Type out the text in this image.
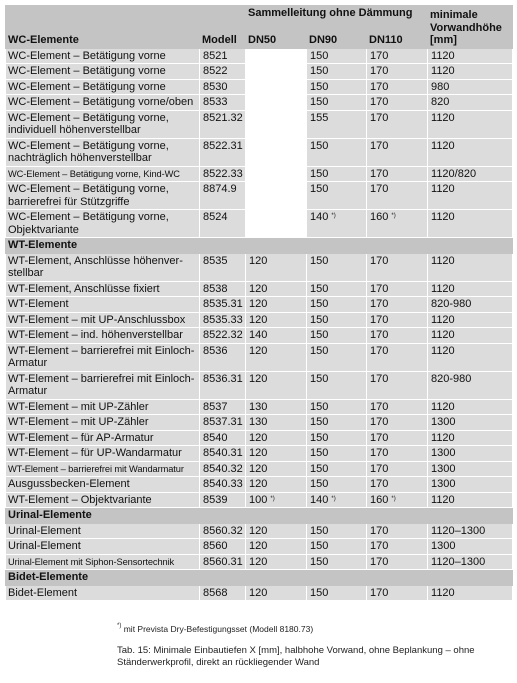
		Sammelleitung ohne Dämmung			minimale
Vorwandhöhe
[mm]

WC-Elemente	Modell	DN50	DN90	DN110	
WC-Element – Betätigung vorne	8521		150	170	1120
WC-Element – Betätigung vorne	8522		150	170	1120
WC-Element – Betätigung vorne	8530		150	170	980
WC-Element – Betätigung vorne/oben	8533		150	170	820
WC-Element – Betätigung vorne, individuell höhenverstellbar	8521.32		155	170	1120
WC-Element – Betätigung vorne, nachträglich höhenverstellbar	8522.31		150	170	1120
WC-Element – Betätigung vorne, Kind-WC	8522.33		150	170	1120/820
WC-Element – Betätigung vorne, barrierefrei für Stützgriffe	8874.9		150	170	1120
WC-Element – Betätigung vorne, Objektvariante	8524		140 *)	160 *)	1120
WT-Elemente					
WT-Element, Anschlüsse höhenver-stellbar	8535	120	150	170	1120
WT-Element, Anschlüsse fixiert	8538	120	150	170	1120
WT-Element	8535.31	120	150	170	820-980
WT-Element – mit UP-Anschlussbox	8535.33	120	150	170	1120
WT-Element – ind. höhenverstellbar	8522.32	140	150	170	1120
WT-Element – barrierefrei mit Einloch-Armatur	8536	120	150	170	1120
WT-Element – barrierefrei mit Einloch-Armatur	8536.31	120	150	170	820-980
WT-Element – mit UP-Zähler	8537	130	150	170	1120
WT-Element – mit UP-Zähler	8537.31	130	150	170	1300
WT-Element – für AP-Armatur	8540	120	150	170	1120
WT-Element – für UP-Wandarmatur	8540.31	120	150	170	1300
WT-Element – barrierefrei mit Wandarmatur	8540.32	120	150	170	1300
Ausgussbecken-Element	8540.33	120	150	170	1300
WT-Element – Objektvariante	8539	100 *)	140 *)	160 *)	1120
Urinal-Elemente					
Urinal-Element	8560.32	120	150	170	1120–1300
Urinal-Element	8560	120	150	170	1300
Urinal-Element mit Siphon-Sensortechnik	8560.31	120	150	170	1120–1300
Bidet-Elemente					
Bidet-Element	8568	120	150	170	1120
*) mit Prevista Dry-Befestigungsset (Modell 8180.73)
Tab. 15: Minimale Einbautiefen X [mm], halbhohe Vorwand, ohne Beplankung – ohne Ständerwerkprofil, direkt an rückliegender Wand
